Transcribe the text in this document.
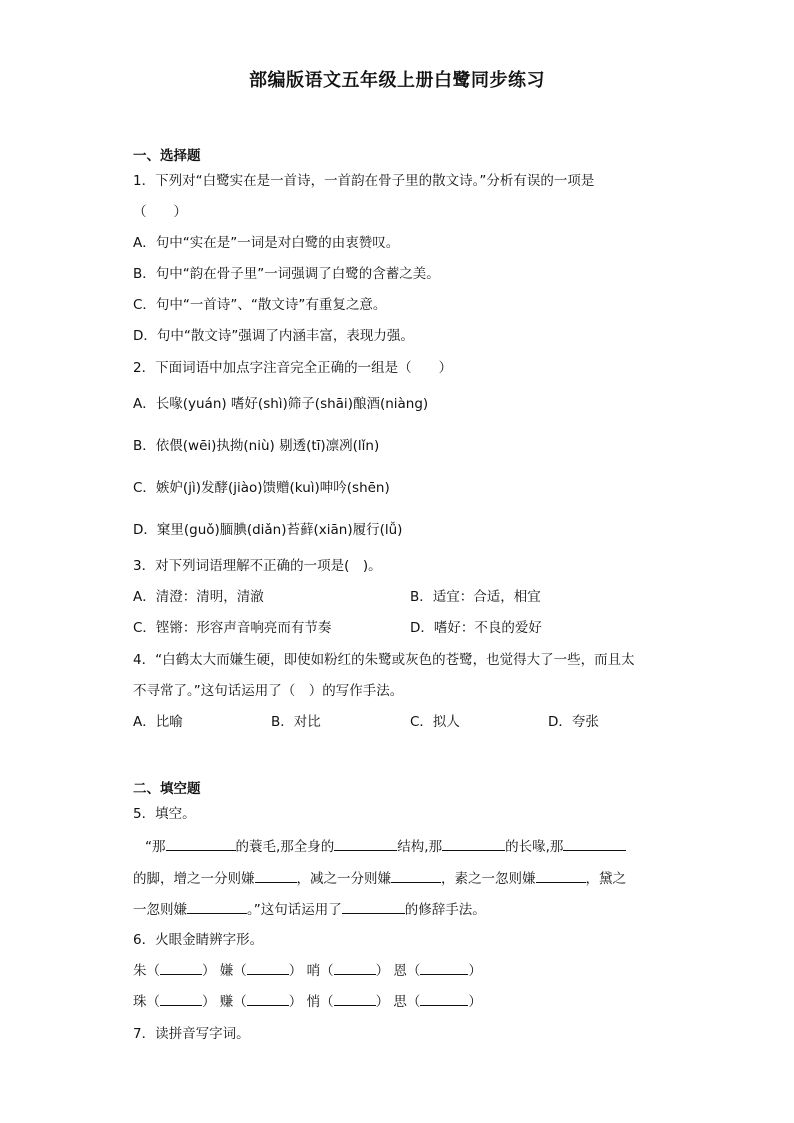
部编版语文五年级上册白鹭同步练习
一、选择题
1．下列对“白鹭实在是一首诗，一首韵在骨子里的散文诗。”分析有误的一项是
（　　）
A．句中“实在是”一词是对白鹭的由衷赞叹。
B．句中“韵在骨子里”一词强调了白鹭的含蓄之美。
C．句中“一首诗”、“散文诗”有重复之意。
D．句中“散文诗”强调了内涵丰富，表现力强。
2．下面词语中加点字注音完全正确的一组是（　　）
A．长喙(yuán) 嗜好(shì)筛子(shāi)酿酒(niàng)
B．依偎(wēi)执拗(niù) 剔透(tī)凛冽(lǐn)
C．嫉妒(jì)发酵(jiào)馈赠(kuì)呻吟(shēn)
D．窠里(guǒ)腼腆(diǎn)苔藓(xiān)履行(lǚ)
3．对下列词语理解不正确的一项是(　)。
A．清澄：清明，清澈	B．适宜：合适，相宜
C．铿锵：形容声音响亮而有节奏	D．嗜好：不良的爱好
4．“白鹤太大而嫌生硬，即使如粉红的朱鹭或灰色的苍鹭，也觉得大了一些，而且太
不寻常了。”这句话运用了（　）的写作手法。
A．比喻	B．对比	C．拟人	D．夸张
二、填空题
5．填空。
“那	的蓑毛,那全身的	结构,那	的长喙,那
的脚，增之一分则嫌	，减之一分则嫌	，素之一忽则嫌	，黛之
一忽则嫌	。”这句话运用了	的修辞手法。
6．火眼金睛辨字形。
朱（	） 嫌（	） 哨（	） 恩（	）
珠（	） 赚（	） 悄（	） 思（	）
7．读拼音写字词。
